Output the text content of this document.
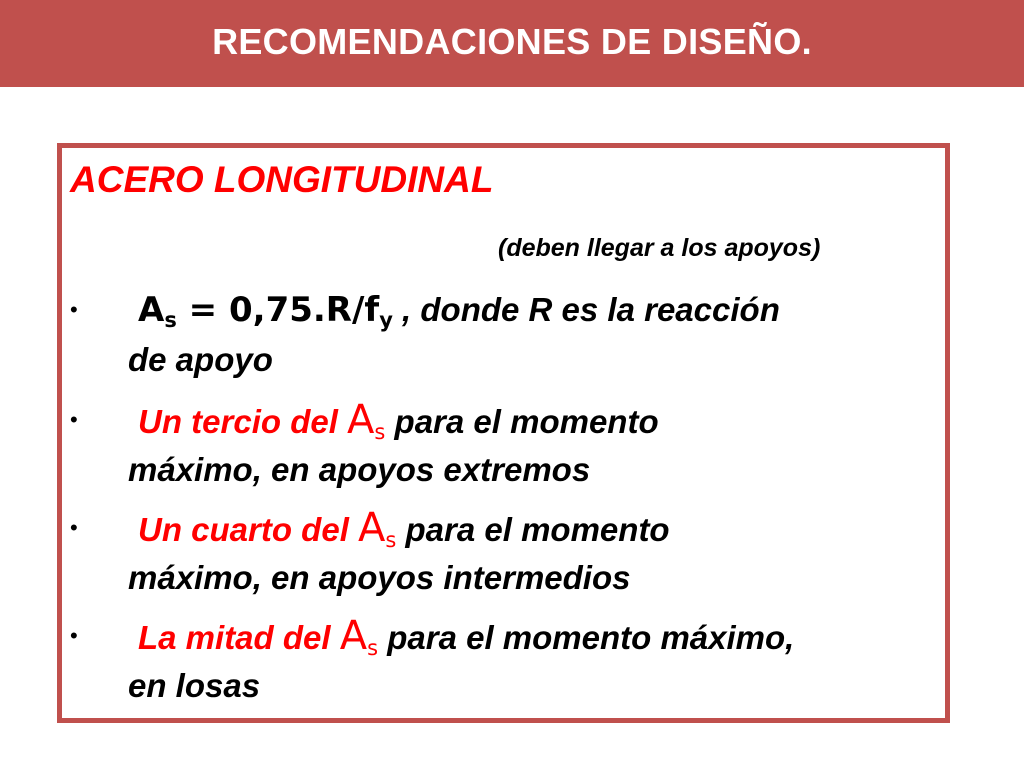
RECOMENDACIONES DE DISEÑO.
ACERO LONGITUDINAL
(deben llegar a los apoyos)
• $A_s = 0,75.R/f_y$ , donde R es la reacción
de apoyo
• Un tercio del $A_s$ para el momento
máximo, en apoyos extremos
• Un cuarto del $A_s$ para el momento
máximo, en apoyos intermedios
• La mitad del $A_s$ para el momento máximo,
en losas
